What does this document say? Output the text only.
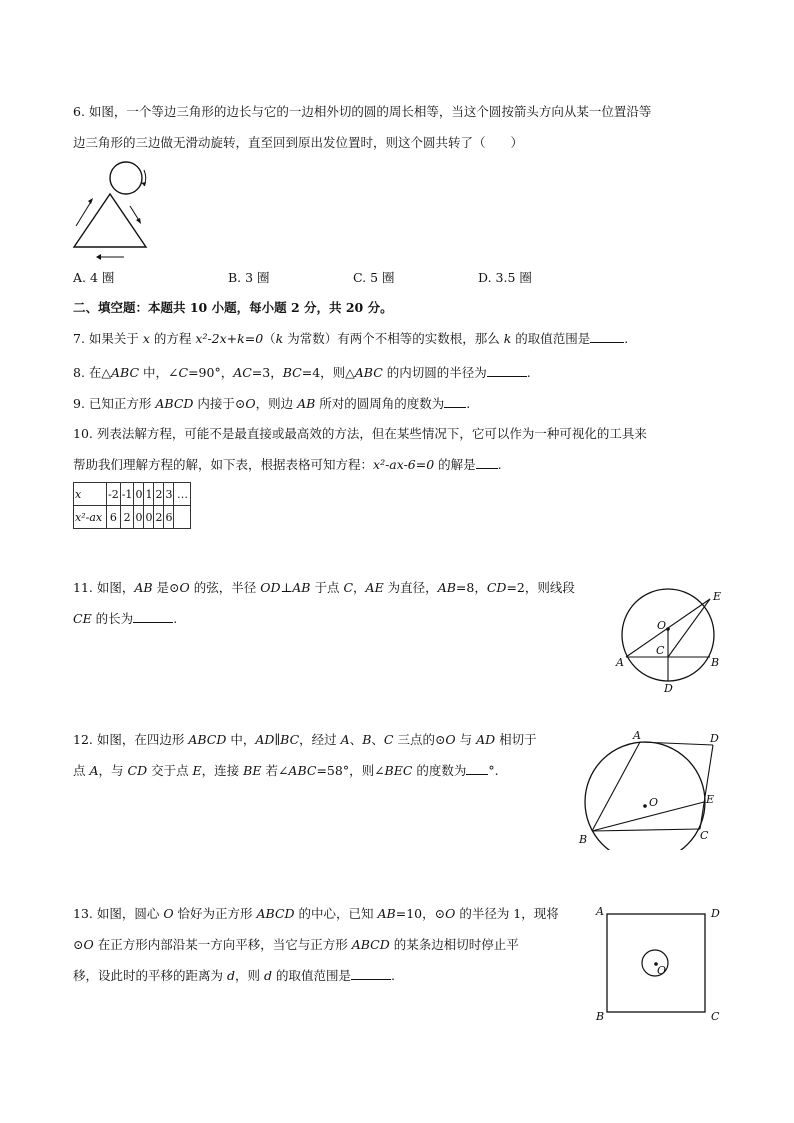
6. 如图，一个等边三角形的边长与它的一边相外切的圆的周长相等，当这个圆按箭头方向从某一位置沿等
边三角形的三边做无滑动旋转，直至回到原出发位置时，则这个圆共转了（　　）
A. 4 圈	B. 3 圈	C. 5 圈	D. 3.5 圈
二、填空题：本题共 10 小题，每小题 2 分，共 20 分。
7. 如果关于 x 的方程 x²-2x+k=0（k 为常数）有两个不相等的实数根，那么 k 的取值范围是	.
8. 在△ABC 中，∠C=90°，AC=3，BC=4，则△ABC 的内切圆的半径为	.
9. 已知正方形 ABCD 内接于⊙O，则边 AB 所对的圆周角的度数为 .
10. 列表法解方程，可能不是最直接或最高效的方法，但在某些情况下，它可以作为一种可视化的工具来
帮助我们理解方程的解，如下表，根据表格可知方程：x²-ax-6=0 的解是 .
x	-2	-1	0	1	2	3	…
x²-ax	6	2	0	0	2	6	
11. 如图，AB 是⊙O 的弦，半径 OD⊥AB 于点 C，AE 为直径，AB=8，CD=2，则线段
CE 的长为	.
E
O
C
A	B
D
12. 如图，在四边形 ABCD 中，AD∥BC，经过 A、B、C 三点的⊙O 与 AD 相切于
点 A，与 CD 交于点 E，连接 BE 若∠ABC=58°，则∠BEC 的度数为 °.
A	D
O	E
B	C
13. 如图，圆心 O 恰好为正方形 ABCD 的中心，已知 AB=10，⊙O 的半径为 1，现将
⊙O 在正方形内部沿某一方向平移，当它与正方形 ABCD 的某条边相切时停止平
移，设此时的平移的距离为 d，则 d 的取值范围是	.
A	D
O
B	C
